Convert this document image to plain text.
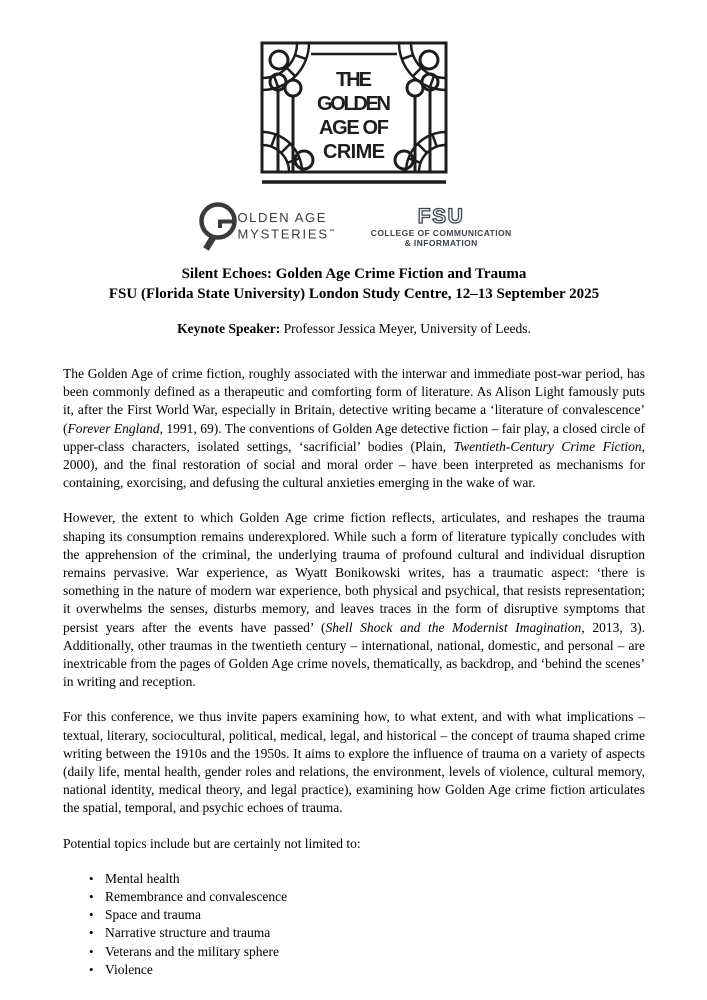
THE
GOLDEN
AGE OF
CRIME
OLDEN AGE
MYSTERIES™
FSU
COLLEGE OF COMMUNICATION
& INFORMATION
Silent Echoes: Golden Age Crime Fiction and Trauma
FSU (Florida State University) London Study Centre, 12–13 September 2025
Keynote Speaker: Professor Jessica Meyer, University of Leeds.

The Golden Age of crime fiction, roughly associated with the interwar and immediate post-war period, has been commonly defined as a therapeutic and comforting form of literature. As Alison Light famously puts it, after the First World War, especially in Britain, detective writing became a ‘literature of convalescence’ (Forever England, 1991, 69). The conventions of Golden Age detective fiction – fair play, a closed circle of upper-class characters, isolated settings, ‘sacrificial’ bodies (Plain, Twentieth-Century Crime Fiction, 2000), and the final restoration of social and moral order – have been interpreted as mechanisms for containing, exorcising, and defusing the cultural anxieties emerging in the wake of war.

However, the extent to which Golden Age crime fiction reflects, articulates, and reshapes the trauma shaping its consumption remains underexplored. While such a form of literature typically concludes with the apprehension of the criminal, the underlying trauma of profound cultural and individual disruption remains pervasive. War experience, as Wyatt Bonikowski writes, has a traumatic aspect: ‘there is something in the nature of modern war experience, both physical and psychical, that resists representation; it overwhelms the senses, disturbs memory, and leaves traces in the form of disruptive symptoms that persist years after the events have passed’ (Shell Shock and the Modernist Imagination, 2013, 3). Additionally, other traumas in the twentieth century – international, national, domestic, and personal – are inextricable from the pages of Golden Age crime novels, thematically, as backdrop, and ‘behind the scenes’ in writing and reception.

For this conference, we thus invite papers examining how, to what extent, and with what implications – textual, literary, sociocultural, political, medical, legal, and historical – the concept of trauma shaped crime writing between the 1910s and the 1950s. It aims to explore the influence of trauma on a variety of aspects (daily life, mental health, gender roles and relations, the environment, levels of violence, cultural memory, national identity, medical theory, and legal practice), examining how Golden Age crime fiction articulates the spatial, temporal, and psychic echoes of trauma.

Potential topics include but are certainly not limited to:

• Mental health
• Remembrance and convalescence
• Space and trauma
• Narrative structure and trauma
• Veterans and the military sphere
• Violence
